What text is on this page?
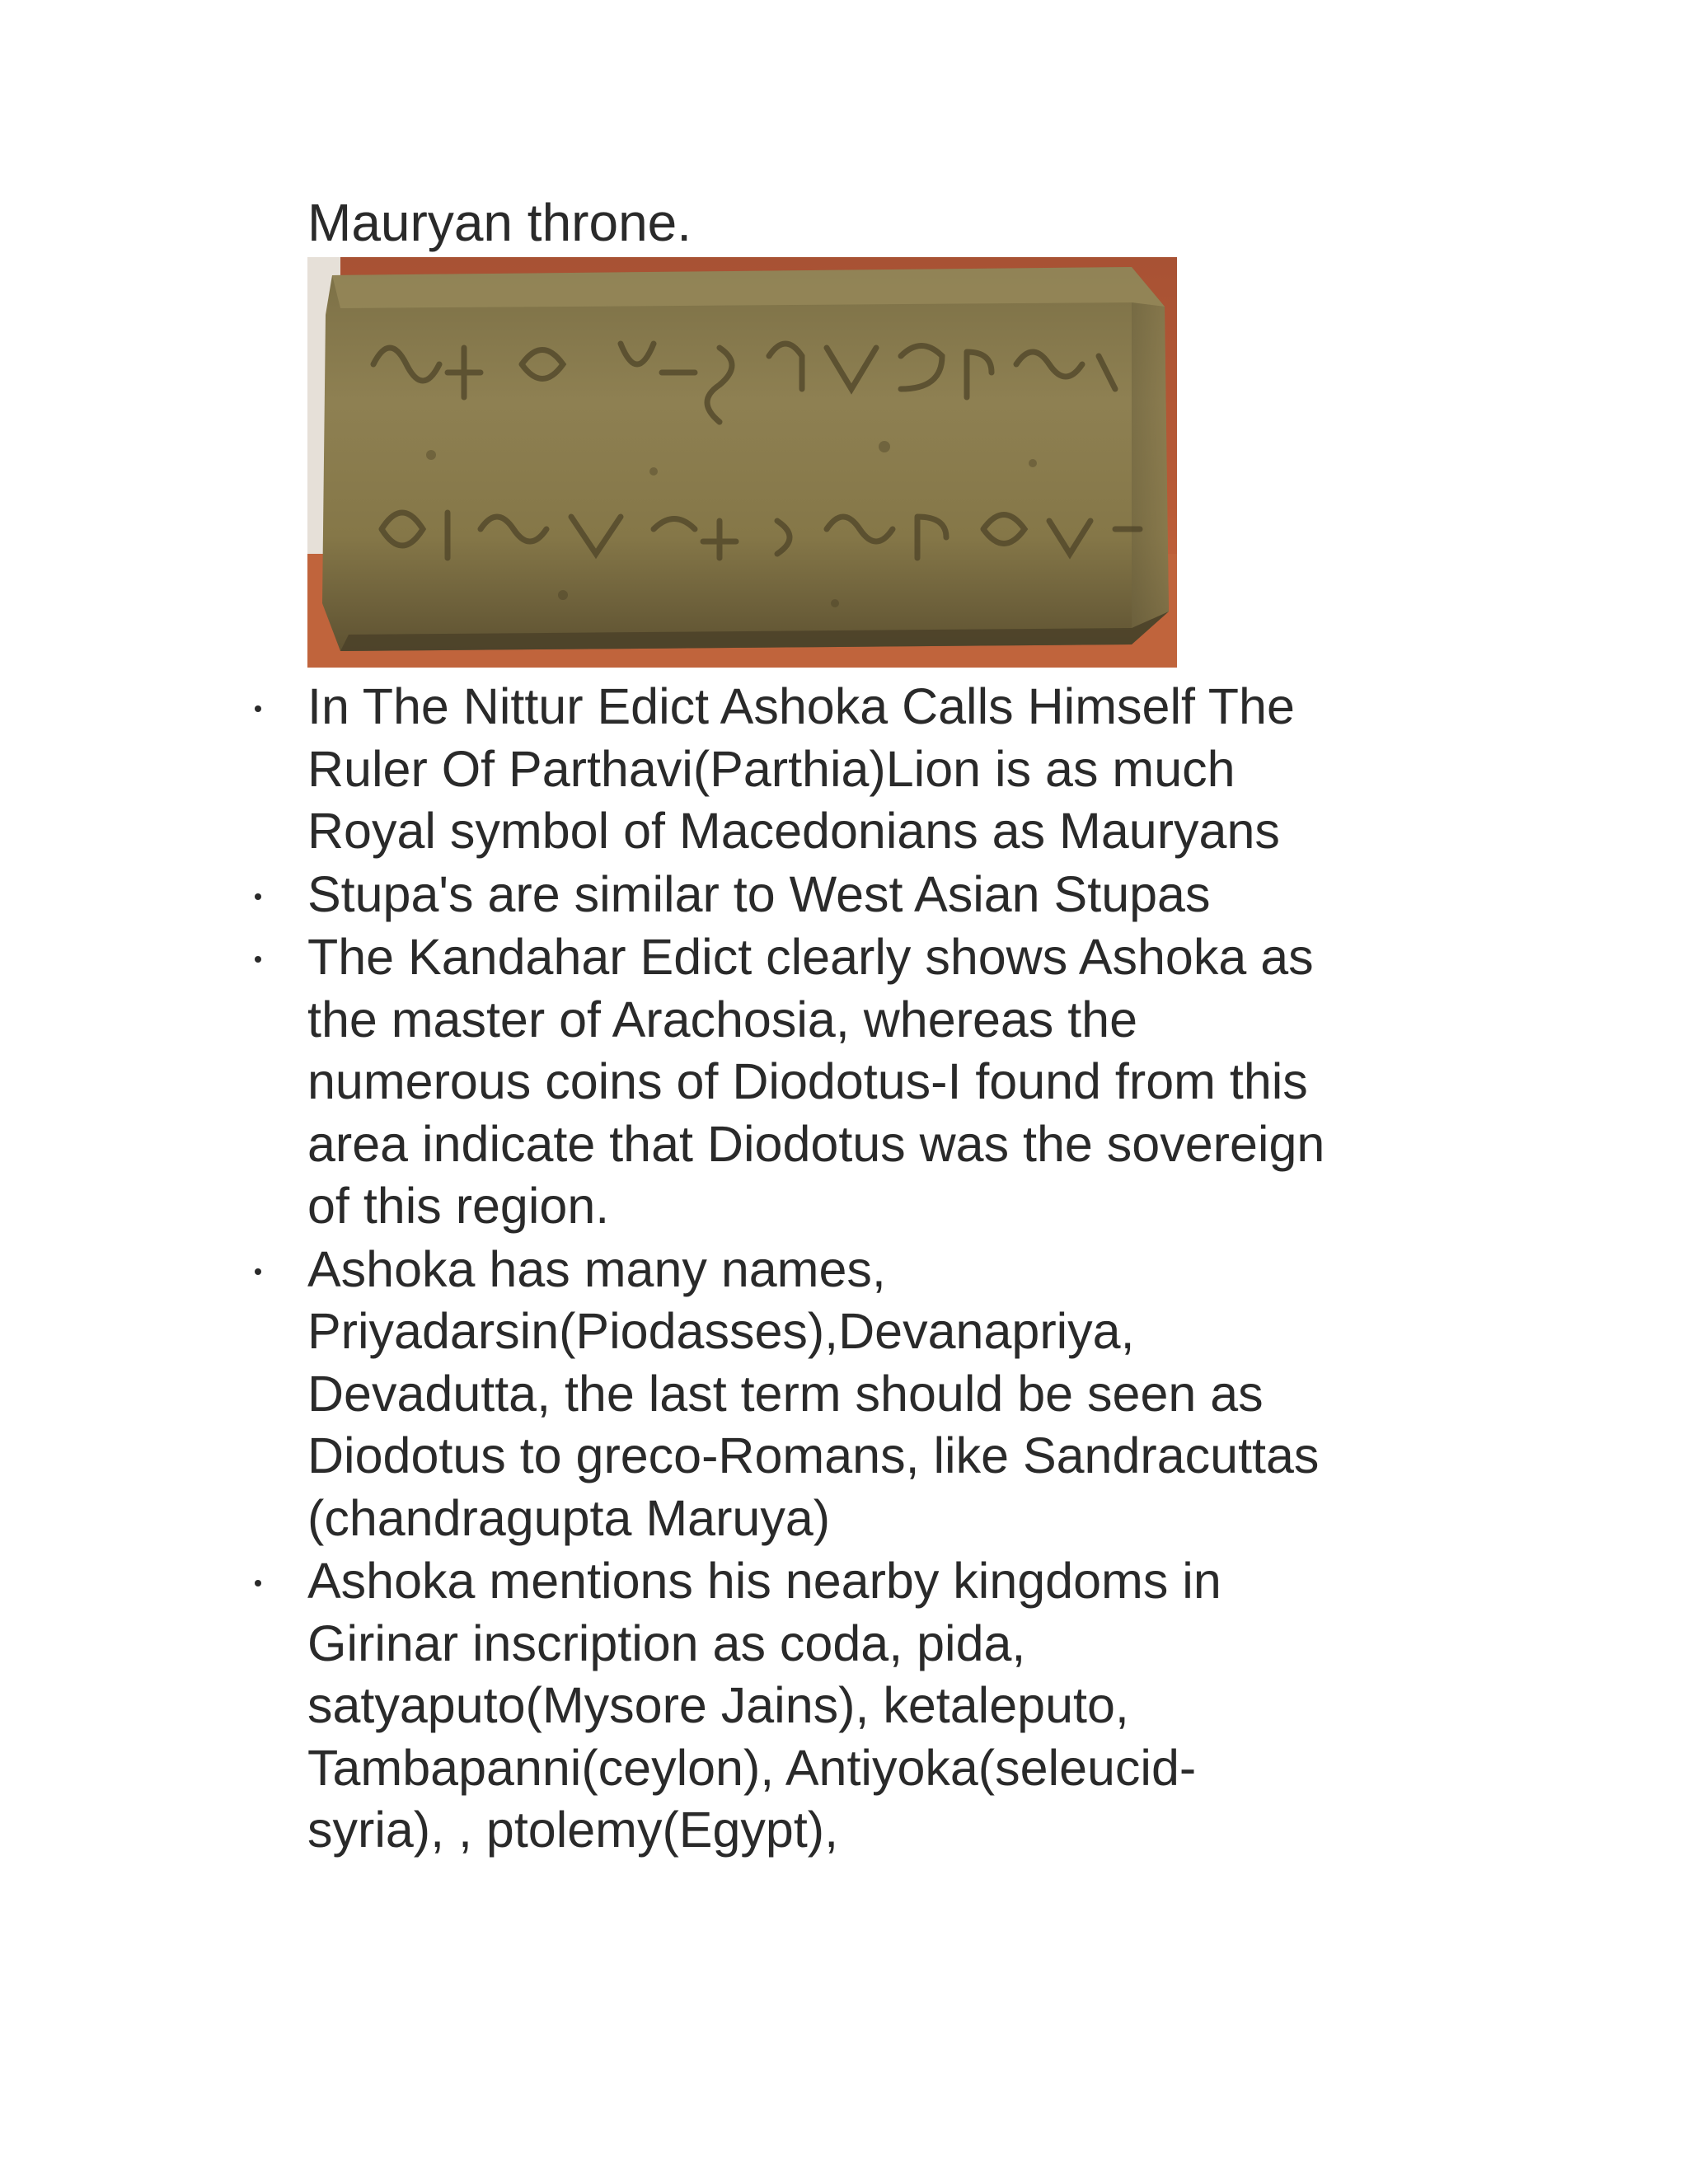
Mauryan throne.
In The Nittur Edict Ashoka Calls Himself The
Ruler Of Parthavi(Parthia)Lion is as much
Royal symbol of Macedonians as Mauryans
Stupa's are similar to West Asian Stupas
The Kandahar Edict clearly shows Ashoka as
the master of Arachosia, whereas the
numerous coins of Diodotus-I found from this
area indicate that Diodotus was the sovereign
of this region.
Ashoka has many names,
Priyadarsin(Piodasses),Devanapriya,
Devadutta, the last term should be seen as
Diodotus to greco-Romans, like Sandracuttas
(chandragupta Maruya)
Ashoka mentions his nearby kingdoms in
Girinar inscription as coda, pida,
satyaputo(Mysore Jains), ketaleputo,
Tambapanni(ceylon), Antiyoka(seleucid-
syria), , ptolemy(Egypt),
